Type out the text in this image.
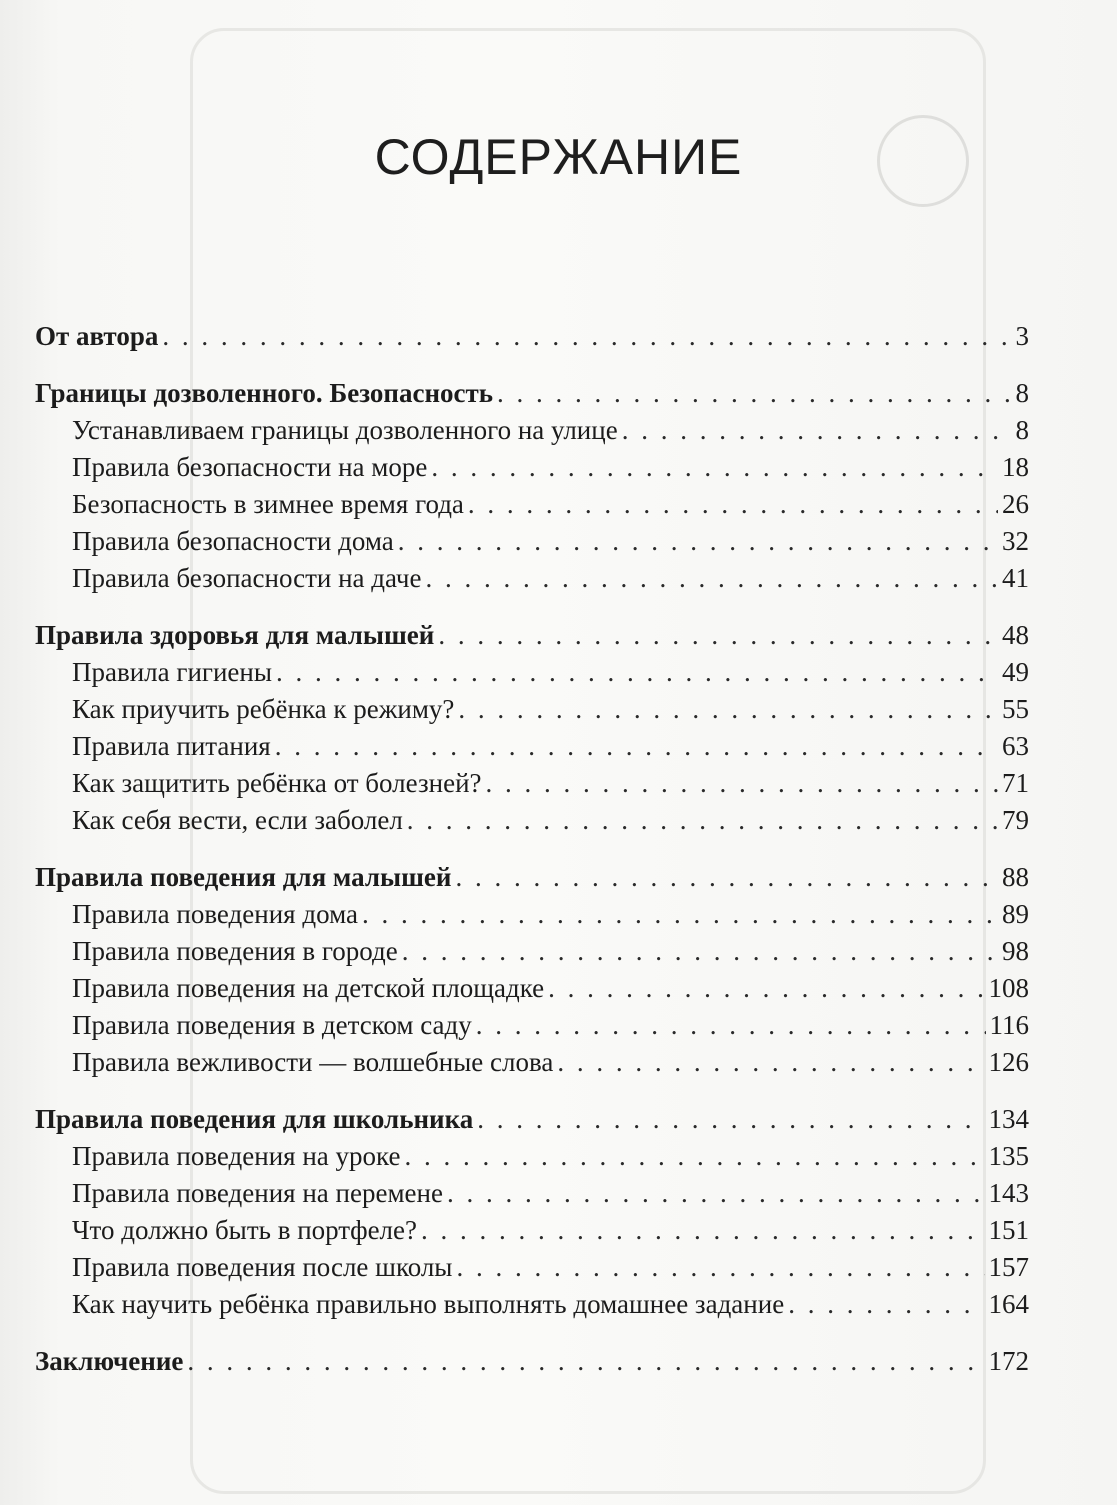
СОДЕРЖАНИЕ
От автора . . .	3
Границы дозволенного. Безопасность . . .	8
Устанавливаем границы дозволенного на улице . . .	8
Правила безопасности на море . . .	18
Безопасность в зимнее время года . . .	26
Правила безопасности дома . . .	32
Правила безопасности на даче . . .	41
Правила здоровья для малышей . . .	48
Правила гигиены . . .	49
Как приучить ребёнка к режиму? . . .	55
Правила питания . . .	63
Как защитить ребёнка от болезней? . . .	71
Как себя вести, если заболел . . .	79
Правила поведения для малышей . . .	88
Правила поведения дома . . .	89
Правила поведения в городе . . .	98
Правила поведения на детской площадке . . .	108
Правила поведения в детском саду . . .	116
Правила вежливости — волшебные слова . . .	126
Правила поведения для школьника . . .	134
Правила поведения на уроке . . .	135
Правила поведения на перемене . . .	143
Что должно быть в портфеле? . . .	151
Правила поведения после школы . . .	157
Как научить ребёнка правильно выполнять домашнее задание . . .	164
Заключение . . .	172
